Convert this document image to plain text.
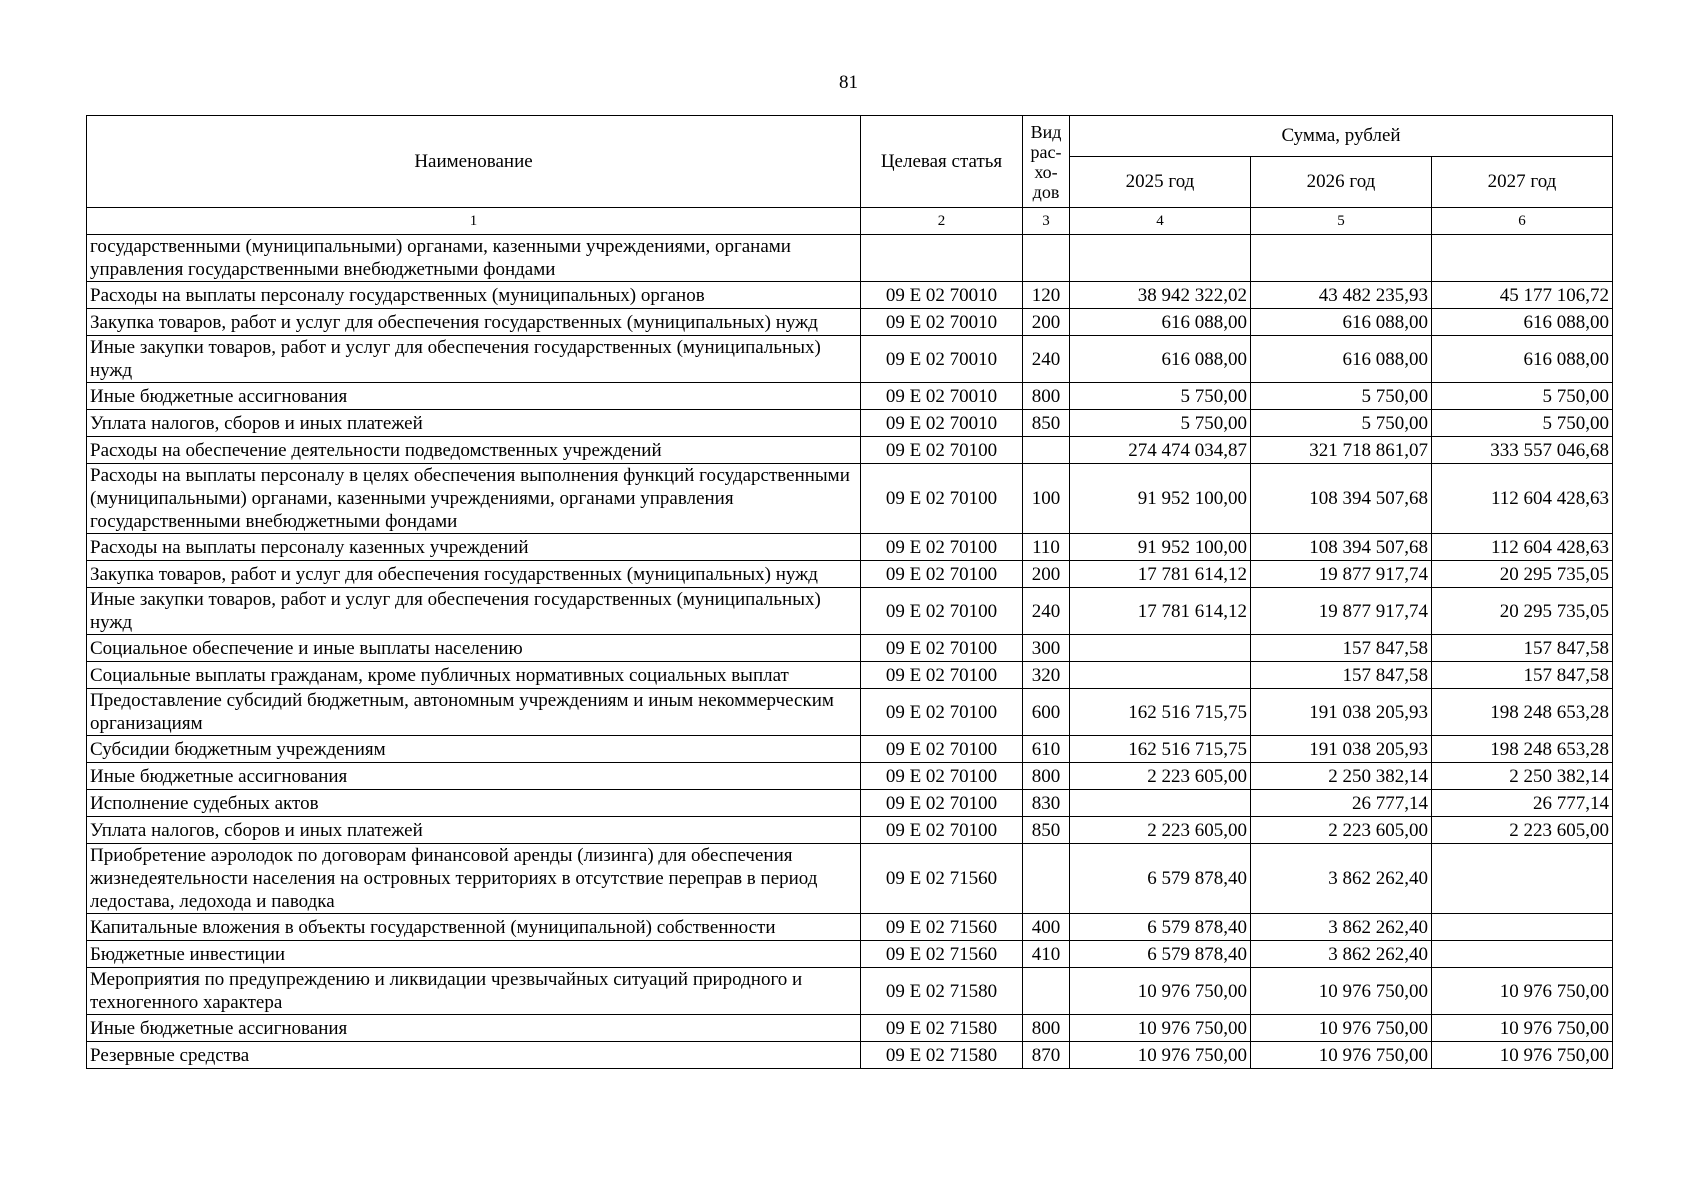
81
Наименование	Целевая статья	Вид рас-хо-дов	Сумма, рублей		
			2025 год	2026 год	2027 год
1	2	3	4	5	6
государственными (муниципальными) органами, казенными учреждениями, органами управления государственными внебюджетными фондами					
Расходы на выплаты персоналу государственных (муниципальных) органов	09 Е 02 70010	120	38 942 322,02	43 482 235,93	45 177 106,72
Закупка товаров, работ и услуг для обеспечения государственных (муниципальных) нужд	09 Е 02 70010	200	616 088,00	616 088,00	616 088,00
Иные закупки товаров, работ и услуг для обеспечения государственных (муниципальных) нужд	09 Е 02 70010	240	616 088,00	616 088,00	616 088,00
Иные бюджетные ассигнования	09 Е 02 70010	800	5 750,00	5 750,00	5 750,00
Уплата налогов, сборов и иных платежей	09 Е 02 70010	850	5 750,00	5 750,00	5 750,00
Расходы на обеспечение деятельности подведомственных учреждений	09 Е 02 70100		274 474 034,87	321 718 861,07	333 557 046,68
Расходы на выплаты персоналу в целях обеспечения выполнения функций государственными (муниципальными) органами, казенными учреждениями, органами управления государственными внебюджетными фондами	09 Е 02 70100	100	91 952 100,00	108 394 507,68	112 604 428,63
Расходы на выплаты персоналу казенных учреждений	09 Е 02 70100	110	91 952 100,00	108 394 507,68	112 604 428,63
Закупка товаров, работ и услуг для обеспечения государственных (муниципальных) нужд	09 Е 02 70100	200	17 781 614,12	19 877 917,74	20 295 735,05
Иные закупки товаров, работ и услуг для обеспечения государственных (муниципальных) нужд	09 Е 02 70100	240	17 781 614,12	19 877 917,74	20 295 735,05
Социальное обеспечение и иные выплаты населению	09 Е 02 70100	300		157 847,58	157 847,58
Социальные выплаты гражданам, кроме публичных нормативных социальных выплат	09 Е 02 70100	320		157 847,58	157 847,58
Предоставление субсидий бюджетным, автономным учреждениям и иным некоммерческим организациям	09 Е 02 70100	600	162 516 715,75	191 038 205,93	198 248 653,28
Субсидии бюджетным учреждениям	09 Е 02 70100	610	162 516 715,75	191 038 205,93	198 248 653,28
Иные бюджетные ассигнования	09 Е 02 70100	800	2 223 605,00	2 250 382,14	2 250 382,14
Исполнение судебных актов	09 Е 02 70100	830		26 777,14	26 777,14
Уплата налогов, сборов и иных платежей	09 Е 02 70100	850	2 223 605,00	2 223 605,00	2 223 605,00
Приобретение аэролодок по договорам финансовой аренды (лизинга) для обеспечения жизнедеятельности населения на островных территориях в отсутствие переправ в период ледостава, ледохода и паводка	09 Е 02 71560		6 579 878,40	3 862 262,40	
Капитальные вложения в объекты государственной (муниципальной) собственности	09 Е 02 71560	400	6 579 878,40	3 862 262,40	
Бюджетные инвестиции	09 Е 02 71560	410	6 579 878,40	3 862 262,40	
Мероприятия по предупреждению и ликвидации чрезвычайных ситуаций природного и техногенного характера	09 Е 02 71580		10 976 750,00	10 976 750,00	10 976 750,00
Иные бюджетные ассигнования	09 Е 02 71580	800	10 976 750,00	10 976 750,00	10 976 750,00
Резервные средства	09 Е 02 71580	870	10 976 750,00	10 976 750,00	10 976 750,00
